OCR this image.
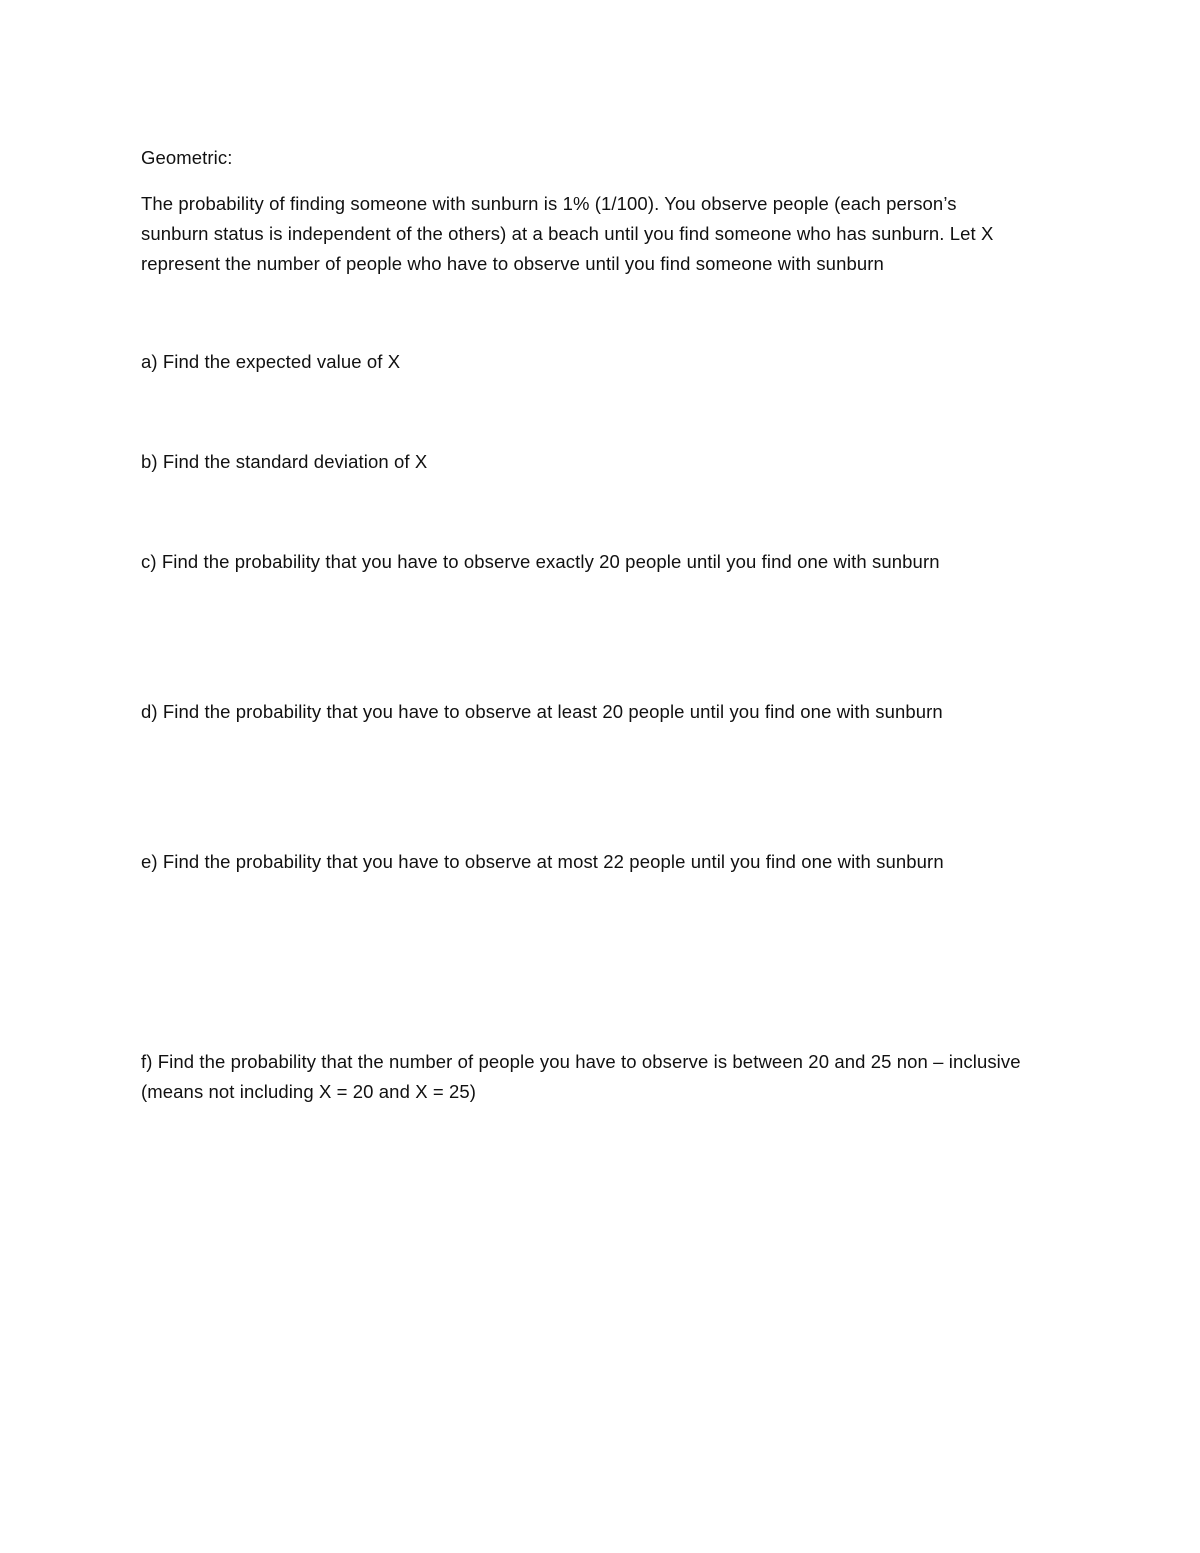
Geometric:

The probability of finding someone with sunburn is 1% (1/100). You observe people (each person’s sunburn status is independent of the others) at a beach until you find someone who has sunburn. Let X represent the number of people who have to observe until you find someone with sunburn

a) Find the expected value of X

b) Find the standard deviation of X

c) Find the probability that you have to observe exactly 20 people until you find one with sunburn

d) Find the probability that you have to observe at least 20 people until you find one with sunburn

e) Find the probability that you have to observe at most 22 people until you find one with sunburn

f) Find the probability that the number of people you have to observe is between 20 and 25 non – inclusive (means not including X = 20 and X = 25)
